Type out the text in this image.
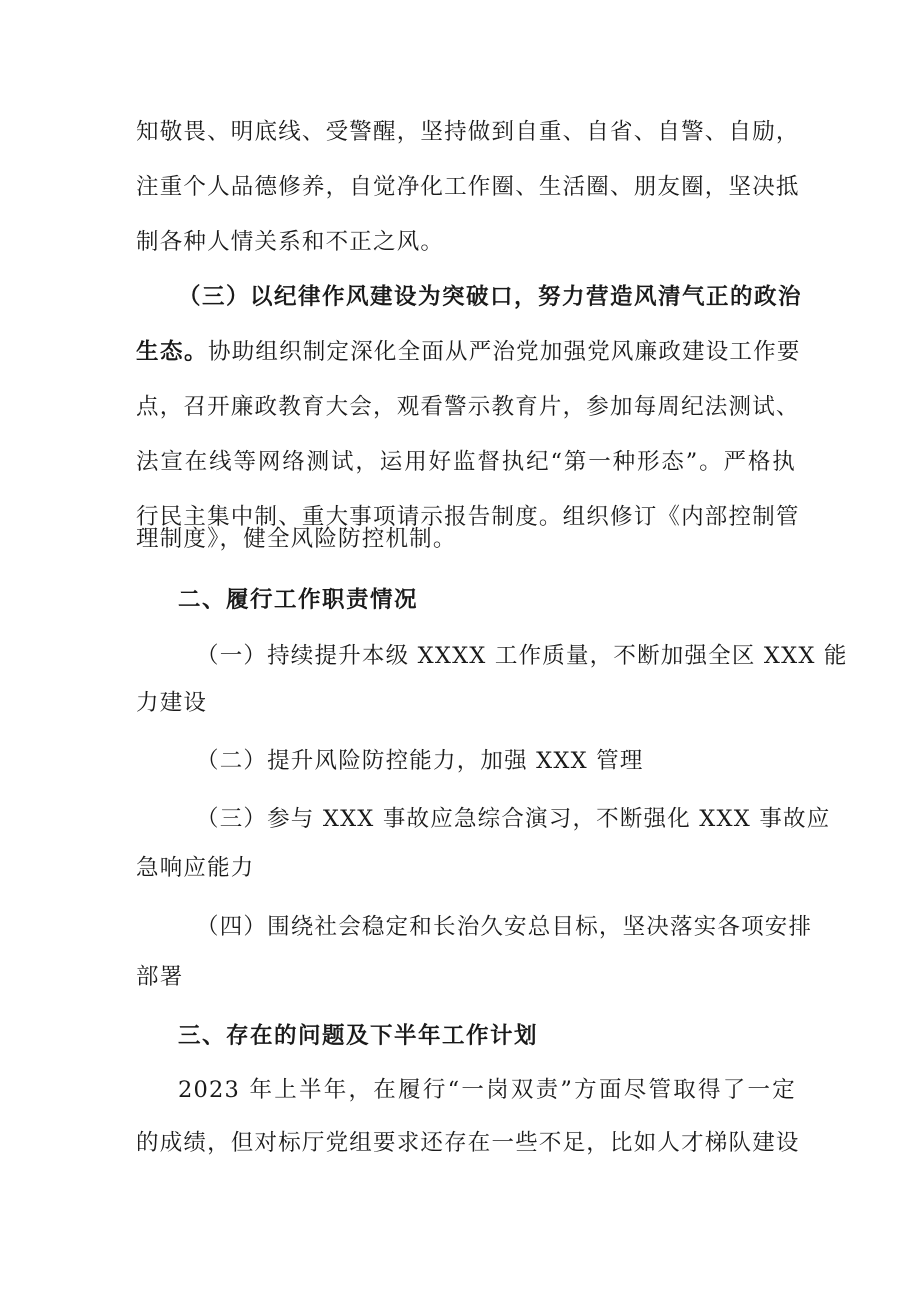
知敬畏、明底线、受警醒，坚持做到自重、自省、自警、自励，
注重个人品德修养，自觉净化工作圈、生活圈、朋友圈，坚决抵
制各种人情关系和不正之风。
（三）以纪律作风建设为突破口，努力营造风清气正的政治
生态。协助组织制定深化全面从严治党加强党风廉政建设工作要
点，召开廉政教育大会，观看警示教育片，参加每周纪法测试、
法宣在线等网络测试，运用好监督执纪“第一种形态”。严格执
行民主集中制、重大事项请示报告制度。组织修订《内部控制管
理制度》，健全风险防控机制。
二、履行工作职责情况
（一）持续提升本级 XXXX 工作质量，不断加强全区 XXX 能
力建设
（二）提升风险防控能力，加强 XXX 管理
（三）参与 XXX 事故应急综合演习，不断强化 XXX 事故应
急响应能力
（四）围绕社会稳定和长治久安总目标，坚决落实各项安排
部署
三、存在的问题及下半年工作计划
2023 年上半年，在履行“一岗双责”方面尽管取得了一定
的成绩，但对标厅党组要求还存在一些不足，比如人才梯队建设
